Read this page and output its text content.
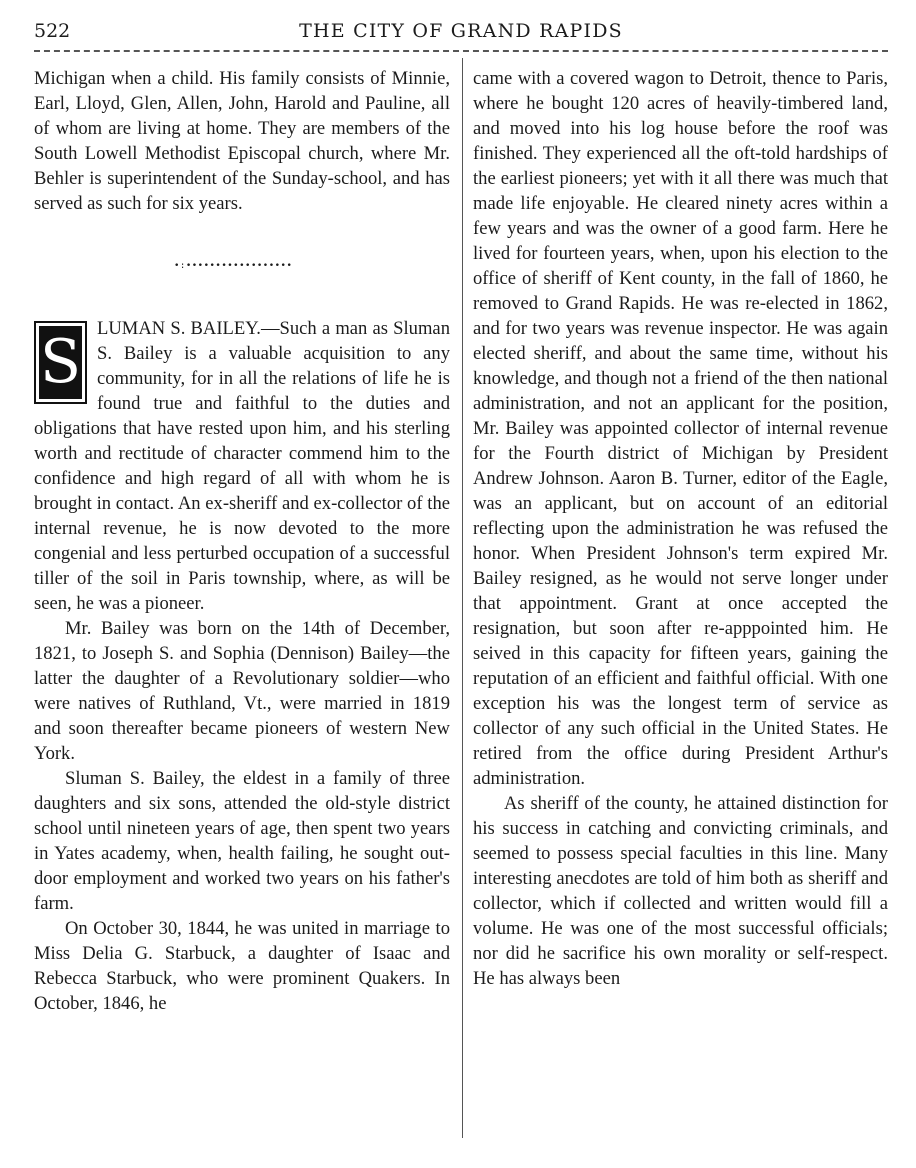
522	THE CITY OF GRAND RAPIDS

Michigan when a child. His family consists of Minnie, Earl, Lloyd, Glen, Allen, John, Harold and Pauline, all of whom are living at home. They are members of the South Lowell Methodist Episcopal church, where Mr. Behler is superintendent of the Sunday-school, and has served as such for six years.

•:••••••••••••••••••

S LUMAN S. BAILEY.—Such a man as Sluman S. Bailey is a valuable acquisition to any community, for in all the relations of life he is found true and faithful to the duties and obligations that have rested upon him, and his sterling worth and rectitude of character commend him to the confidence and high regard of all with whom he is brought in contact. An ex-sheriff and ex-collector of the internal revenue, he is now devoted to the more congenial and less perturbed occupation of a successful tiller of the soil in Paris township, where, as will be seen, he was a pioneer.

Mr. Bailey was born on the 14th of December, 1821, to Joseph S. and Sophia (Dennison) Bailey—the latter the daughter of a Revolutionary soldier—who were natives of Ruthland, Vt., were married in 1819 and soon thereafter became pioneers of western New York.

Sluman S. Bailey, the eldest in a family of three daughters and six sons, attended the old-style district school until nineteen years of age, then spent two years in Yates academy, when, health failing, he sought out-door employment and worked two years on his father's farm.

On October 30, 1844, he was united in marriage to Miss Delia G. Starbuck, a daughter of Isaac and Rebecca Starbuck, who were prominent Quakers. In October, 1846, he

came with a covered wagon to Detroit, thence to Paris, where he bought 120 acres of heavily-timbered land, and moved into his log house before the roof was finished. They experienced all the oft-told hardships of the earliest pioneers; yet with it all there was much that made life enjoyable. He cleared ninety acres within a few years and was the owner of a good farm. Here he lived for fourteen years, when, upon his election to the office of sheriff of Kent county, in the fall of 1860, he removed to Grand Rapids. He was re-elected in 1862, and for two years was revenue inspector. He was again elected sheriff, and about the same time, without his knowledge, and though not a friend of the then national administration, and not an applicant for the position, Mr. Bailey was appointed collector of internal revenue for the Fourth district of Michigan by President Andrew Johnson. Aaron B. Turner, editor of the Eagle, was an applicant, but on account of an editorial reflecting upon the administration he was refused the honor. When President Johnson's term expired Mr. Bailey resigned, as he would not serve longer under that appointment. Grant at once accepted the resignation, but soon after re-apppointed him. He seived in this capacity for fifteen years, gaining the reputation of an efficient and faithful official. With one exception his was the longest term of service as collector of any such official in the United States. He retired from the office during President Arthur's administration.

As sheriff of the county, he attained distinction for his success in catching and convicting criminals, and seemed to possess special faculties in this line. Many interesting anecdotes are told of him both as sheriff and collector, which if collected and written would fill a volume. He was one of the most successful officials; nor did he sacrifice his own morality or self-respect. He has always been
